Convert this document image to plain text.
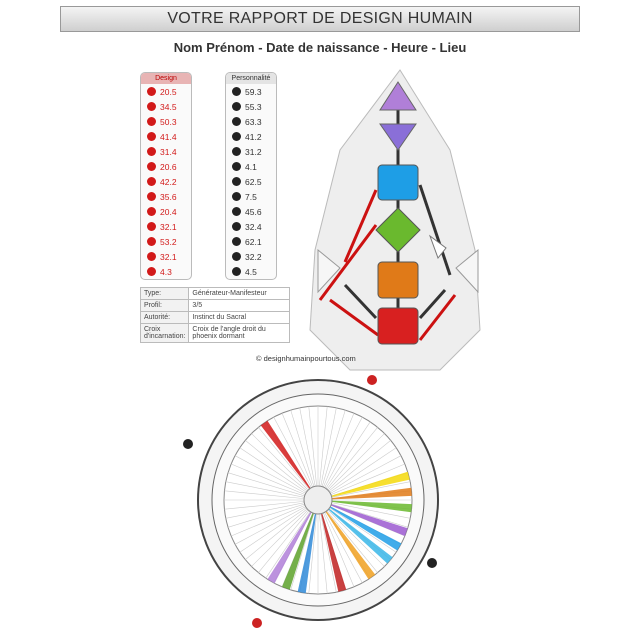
VOTRE RAPPORT DE DESIGN HUMAIN
Nom Prénom - Date de naissance - Heure - Lieu
Design
20.5
34.5
50.3
41.4
31.4
20.6
42.2
35.6
20.4
32.1
53.2
32.1
4.3
Personnalité
59.3
55.3
63.3
41.2
31.2
4.1
62.5
7.5
45.6
32.4
62.1
32.2
4.5
Type:	Générateur-Manifesteur
Profil:	3/5
Autorité:	Instinct du Sacral
Croix d'incarnation:	Croix de l'angle droit du phoenix dormant
© designhumainpourtous.com
